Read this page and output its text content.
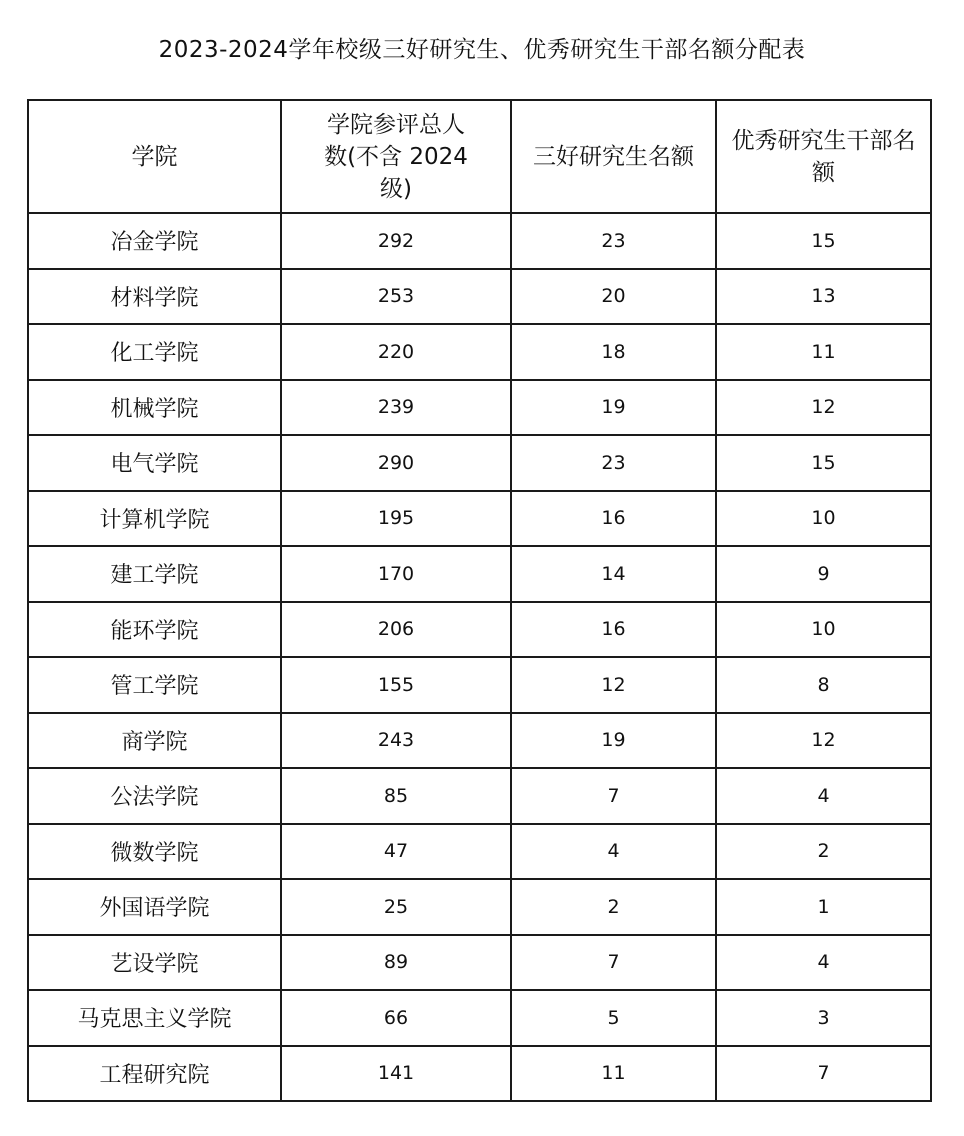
2023-2024学年校级三好研究生、优秀研究生干部名额分配表
学院	学院参评总人数(不含 2024级)	三好研究生名额	优秀研究生干部名额
冶金学院	292	23	15
材料学院	253	20	13
化工学院	220	18	11
机械学院	239	19	12
电气学院	290	23	15
计算机学院	195	16	10
建工学院	170	14	9
能环学院	206	16	10
管工学院	155	12	8
商学院	243	19	12
公法学院	85	7	4
微数学院	47	4	2
外国语学院	25	2	1
艺设学院	89	7	4
马克思主义学院	66	5	3
工程研究院	141	11	7
